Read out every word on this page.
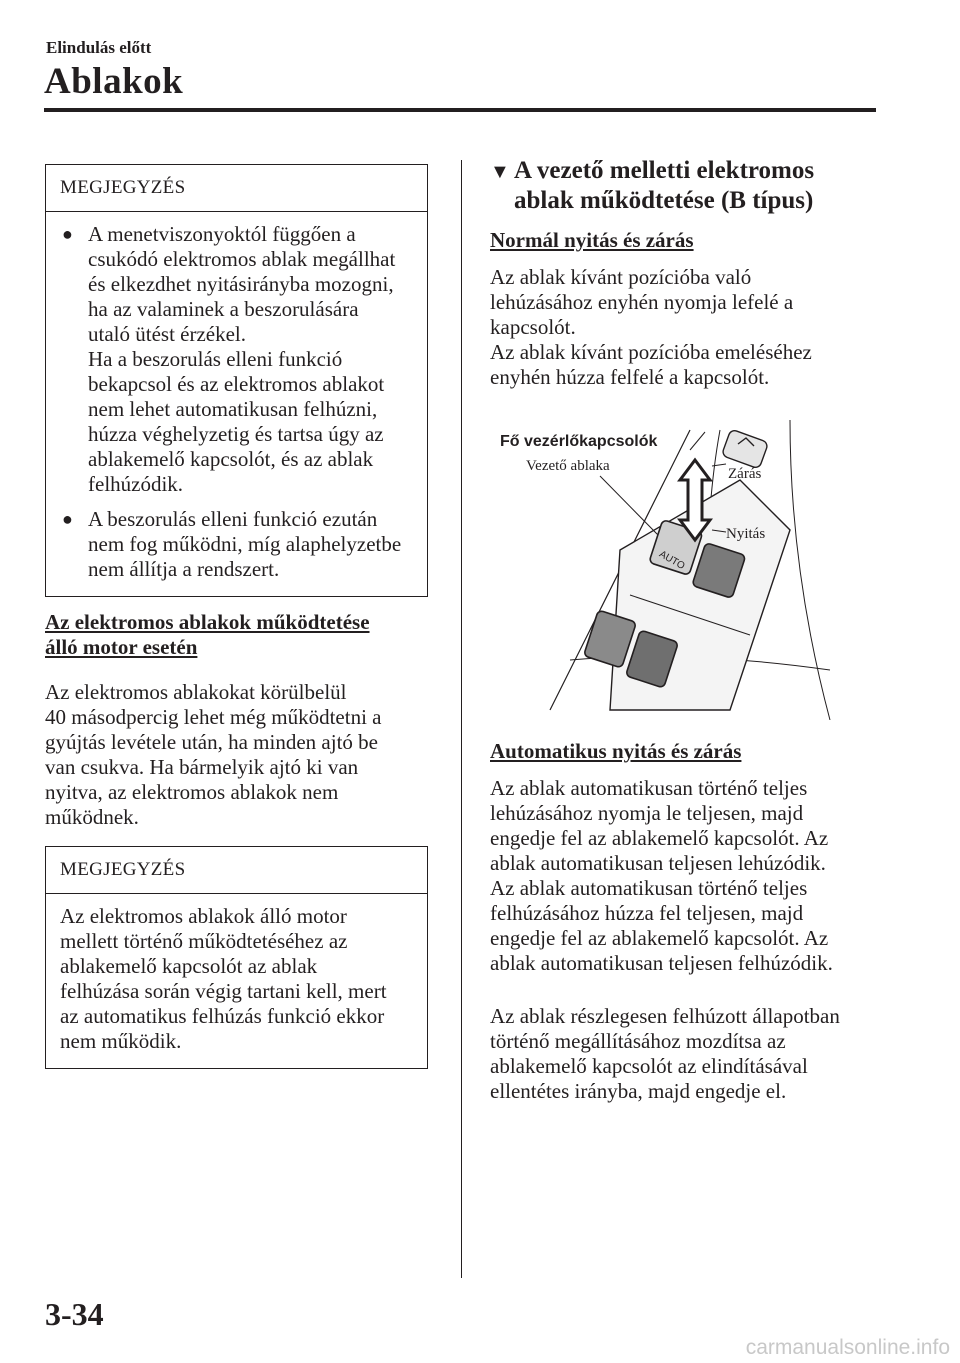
Elindulás előtt
Ablakok
MEGJEGYZÉS
● A menetviszonyoktól függően a
csukódó elektromos ablak megállhat
és elkezdhet nyitásirányba mozogni,
ha az valaminek a beszorulására
utaló ütést érzékel.
Ha a beszorulás elleni funkció
bekapcsol és az elektromos ablakot
nem lehet automatikusan felhúzni,
húzza véghelyzetig és tartsa úgy az
ablakemelő kapcsolót, és az ablak
felhúzódik.
● A beszorulás elleni funkció ezután
nem fog működni, míg alaphelyzetbe
nem állítja a rendszert.
Az elektromos ablakok működtetése
álló motor esetén
Az elektromos ablakokat körülbelül
40 másodpercig lehet még működtetni a
gyújtás levétele után, ha minden ajtó be
van csukva. Ha bármelyik ajtó ki van
nyitva, az elektromos ablakok nem
működnek.
MEGJEGYZÉS
Az elektromos ablakok álló motor
mellett történő működtetéséhez az
ablakemelő kapcsolót az ablak
felhúzása során végig tartani kell, mert
az automatikus felhúzás funkció ekkor
nem működik.
▼ A vezető melletti elektromos
ablak működtetése (B típus)
Normál nyitás és zárás
Az ablak kívánt pozícióba való
lehúzásához enyhén nyomja lefelé a
kapcsolót.
Az ablak kívánt pozícióba emeléséhez
enyhén húzza felfelé a kapcsolót.
AUTO
Fő vezérlőkapcsolók
Vezető ablaka	Zárás
Nyitás
Automatikus nyitás és zárás
Az ablak automatikusan történő teljes
lehúzásához nyomja le teljesen, majd
engedje fel az ablakemelő kapcsolót. Az
ablak automatikusan teljesen lehúzódik.
Az ablak automatikusan történő teljes
felhúzásához húzza fel teljesen, majd
engedje fel az ablakemelő kapcsolót. Az
ablak automatikusan teljesen felhúzódik.
Az ablak részlegesen felhúzott állapotban
történő megállításához mozdítsa az
ablakemelő kapcsolót az elindításával
ellentétes irányba, majd engedje el.
3-34
carmanualsonline.info
